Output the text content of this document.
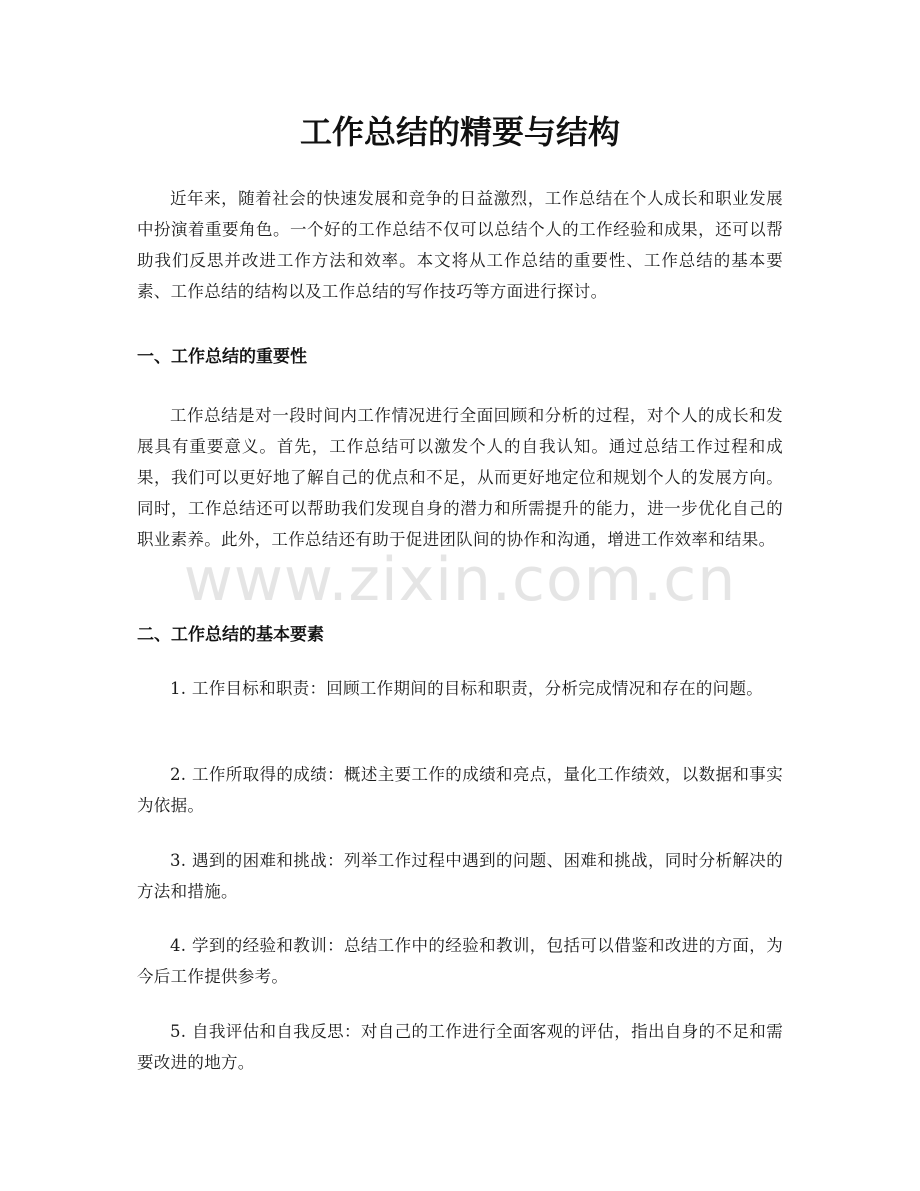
工作总结的精要与结构

近年来，随着社会的快速发展和竞争的日益激烈，工作总结在个人成长和职业发展中扮演着重要角色。一个好的工作总结不仅可以总结个人的工作经验和成果，还可以帮助我们反思并改进工作方法和效率。本文将从工作总结的重要性、工作总结的基本要素、工作总结的结构以及工作总结的写作技巧等方面进行探讨。

一、工作总结的重要性

工作总结是对一段时间内工作情况进行全面回顾和分析的过程，对个人的成长和发展具有重要意义。首先，工作总结可以激发个人的自我认知。通过总结工作过程和成果，我们可以更好地了解自己的优点和不足，从而更好地定位和规划个人的发展方向。同时，工作总结还可以帮助我们发现自身的潜力和所需提升的能力，进一步优化自己的职业素养。此外，工作总结还有助于促进团队间的协作和沟通，增进工作效率和结果。

二、工作总结的基本要素

1. 工作目标和职责：回顾工作期间的目标和职责，分析完成情况和存在的问题。

2. 工作所取得的成绩：概述主要工作的成绩和亮点，量化工作绩效，以数据和事实为依据。

3. 遇到的困难和挑战：列举工作过程中遇到的问题、困难和挑战，同时分析解决的方法和措施。

4. 学到的经验和教训：总结工作中的经验和教训，包括可以借鉴和改进的方面，为今后工作提供参考。

5. 自我评估和自我反思：对自己的工作进行全面客观的评估，指出自身的不足和需要改进的地方。

www.zixin.com.cn
